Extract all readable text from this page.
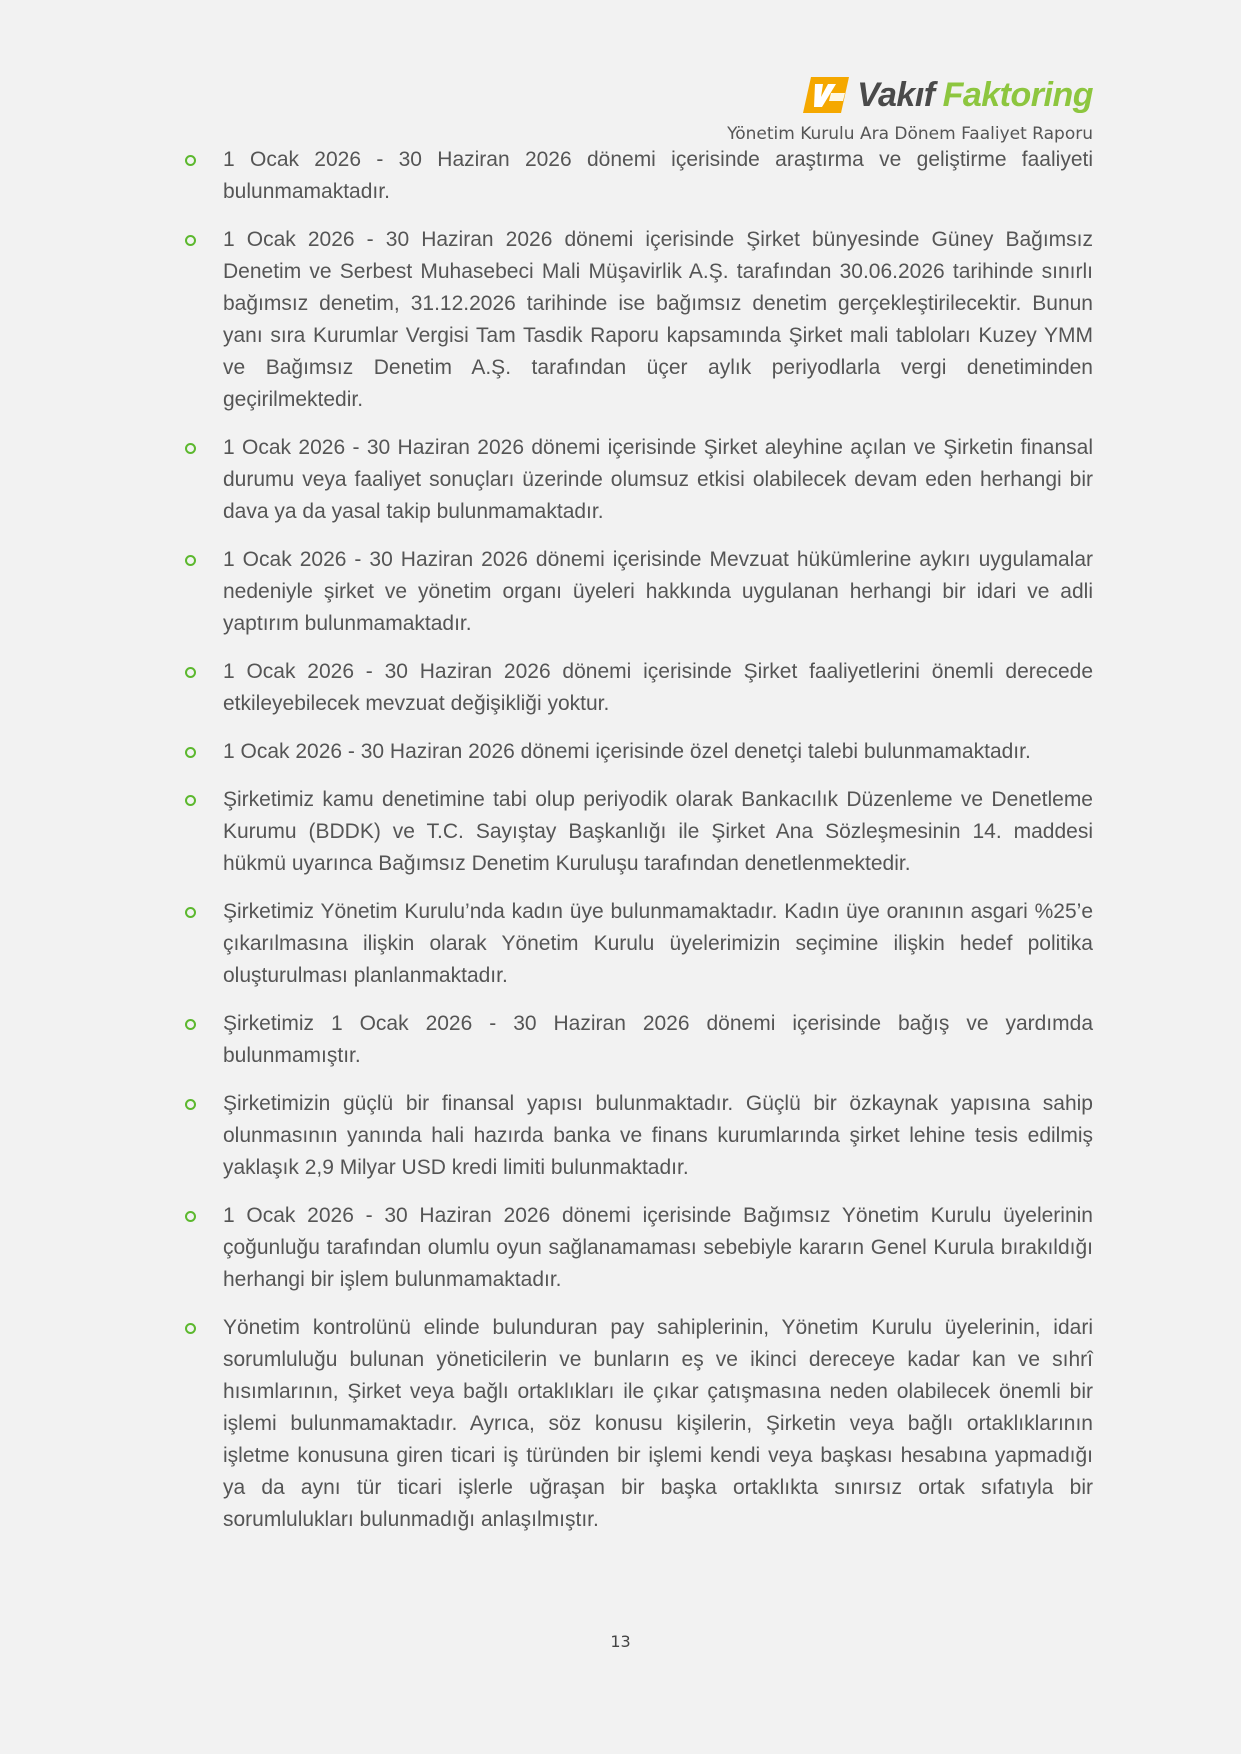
Vakıf Faktoring
Yönetim Kurulu Ara Dönem Faaliyet Raporu
1 Ocak 2026 - 30 Haziran 2026 dönemi içerisinde araştırma ve geliştirme faaliyeti bulunmamaktadır.
1 Ocak 2026 - 30 Haziran 2026 dönemi içerisinde Şirket bünyesinde Güney Bağımsız Denetim ve Serbest Muhasebeci Mali Müşavirlik A.Ş. tarafından 30.06.2026 tarihinde sınırlı bağımsız denetim, 31.12.2026 tarihinde ise bağımsız denetim gerçekleştirilecektir. Bunun yanı sıra Kurumlar Vergisi Tam Tasdik Raporu kapsamında Şirket mali tabloları Kuzey YMM ve Bağımsız Denetim A.Ş. tarafından üçer aylık periyodlarla vergi denetiminden geçirilmektedir.
1 Ocak 2026 - 30 Haziran 2026 dönemi içerisinde Şirket aleyhine açılan ve Şirketin finansal durumu veya faaliyet sonuçları üzerinde olumsuz etkisi olabilecek devam eden herhangi bir dava ya da yasal takip bulunmamaktadır.
1 Ocak 2026 - 30 Haziran 2026 dönemi içerisinde Mevzuat hükümlerine aykırı uygulamalar nedeniyle şirket ve yönetim organı üyeleri hakkında uygulanan herhangi bir idari ve adli yaptırım bulunmamaktadır.
1 Ocak 2026 - 30 Haziran 2026 dönemi içerisinde Şirket faaliyetlerini önemli derecede etkileyebilecek mevzuat değişikliği yoktur.
1 Ocak 2026 - 30 Haziran 2026 dönemi içerisinde özel denetçi talebi bulunmamaktadır.
Şirketimiz kamu denetimine tabi olup periyodik olarak Bankacılık Düzenleme ve Denetleme Kurumu (BDDK) ve T.C. Sayıştay Başkanlığı ile Şirket Ana Sözleşmesinin 14. maddesi hükmü uyarınca Bağımsız Denetim Kuruluşu tarafından denetlenmektedir.
Şirketimiz Yönetim Kurulu’nda kadın üye bulunmamaktadır. Kadın üye oranının asgari %25’e çıkarılmasına ilişkin olarak Yönetim Kurulu üyelerimizin seçimine ilişkin hedef politika oluşturulması planlanmaktadır.
Şirketimiz 1 Ocak 2026 - 30 Haziran 2026 dönemi içerisinde bağış ve yardımda bulunmamıştır.
Şirketimizin güçlü bir finansal yapısı bulunmaktadır. Güçlü bir özkaynak yapısına sahip olunmasının yanında hali hazırda banka ve finans kurumlarında şirket lehine tesis edilmiş yaklaşık 2,9 Milyar USD kredi limiti bulunmaktadır.
1 Ocak 2026 - 30 Haziran 2026 dönemi içerisinde Bağımsız Yönetim Kurulu üyelerinin çoğunluğu tarafından olumlu oyun sağlanamaması sebebiyle kararın Genel Kurula bırakıldığı herhangi bir işlem bulunmamaktadır.
Yönetim kontrolünü elinde bulunduran pay sahiplerinin, Yönetim Kurulu üyelerinin, idari sorumluluğu bulunan yöneticilerin ve bunların eş ve ikinci dereceye kadar kan ve sıhrî hısımlarının, Şirket veya bağlı ortaklıkları ile çıkar çatışmasına neden olabilecek önemli bir işlemi bulunmamaktadır. Ayrıca, söz konusu kişilerin, Şirketin veya bağlı ortaklıklarının işletme konusuna giren ticari iş türünden bir işlemi kendi veya başkası hesabına yapmadığı ya da aynı tür ticari işlerle uğraşan bir başka ortaklıkta sınırsız ortak sıfatıyla bir sorumlulukları bulunmadığı anlaşılmıştır.
13
